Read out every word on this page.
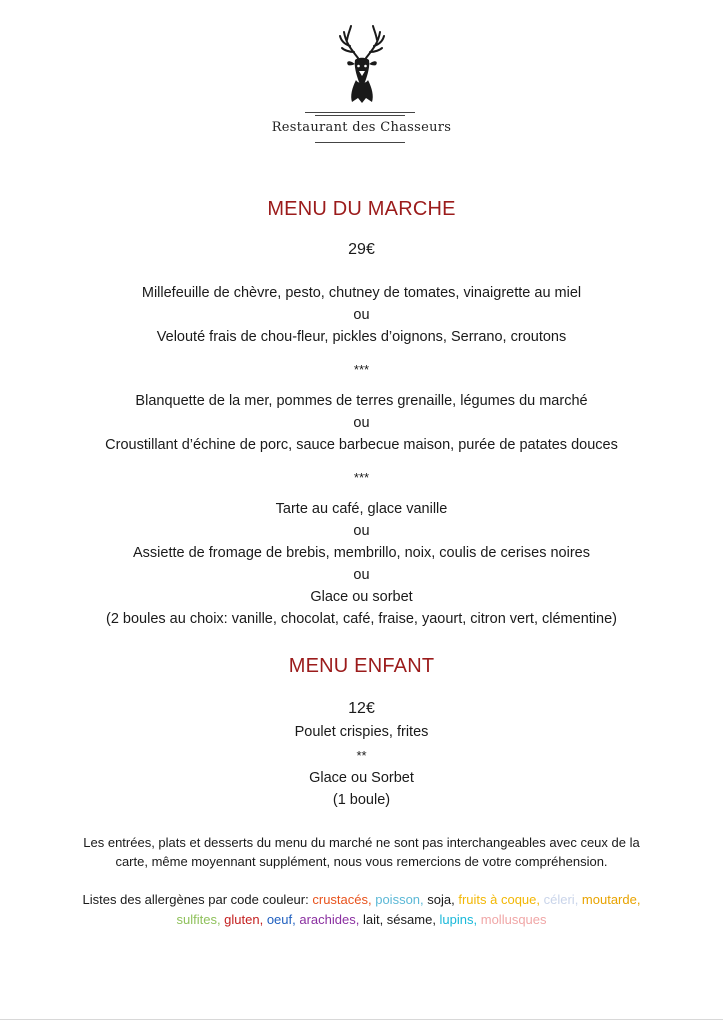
Restaurant des Chasseurs
MENU DU MARCHE
29€
Millefeuille de chèvre, pesto, chutney de tomates, vinaigrette au miel
ou
Velouté frais de chou-fleur, pickles d’oignons, Serrano, croutons
***
Blanquette de la mer, pommes de terres grenaille, légumes du marché
ou
Croustillant d’échine de porc, sauce barbecue maison, purée de patates douces
***
Tarte au café, glace vanille
ou
Assiette de fromage de brebis, membrillo, noix, coulis de cerises noires
ou
Glace ou sorbet
(2 boules au choix: vanille, chocolat, café, fraise, yaourt, citron vert, clémentine)
MENU ENFANT
12€
Poulet crispies, frites
**
Glace ou Sorbet
(1 boule)
Les entrées, plats et desserts du menu du marché ne sont pas interchangeables avec ceux de la
carte, même moyennant supplément, nous vous remercions de votre compréhension.
Listes des allergènes par code couleur: crustacés, poisson, soja, fruits à coque, céleri, moutarde,
sulfites, gluten, oeuf, arachides, lait, sésame, lupins, mollusques
